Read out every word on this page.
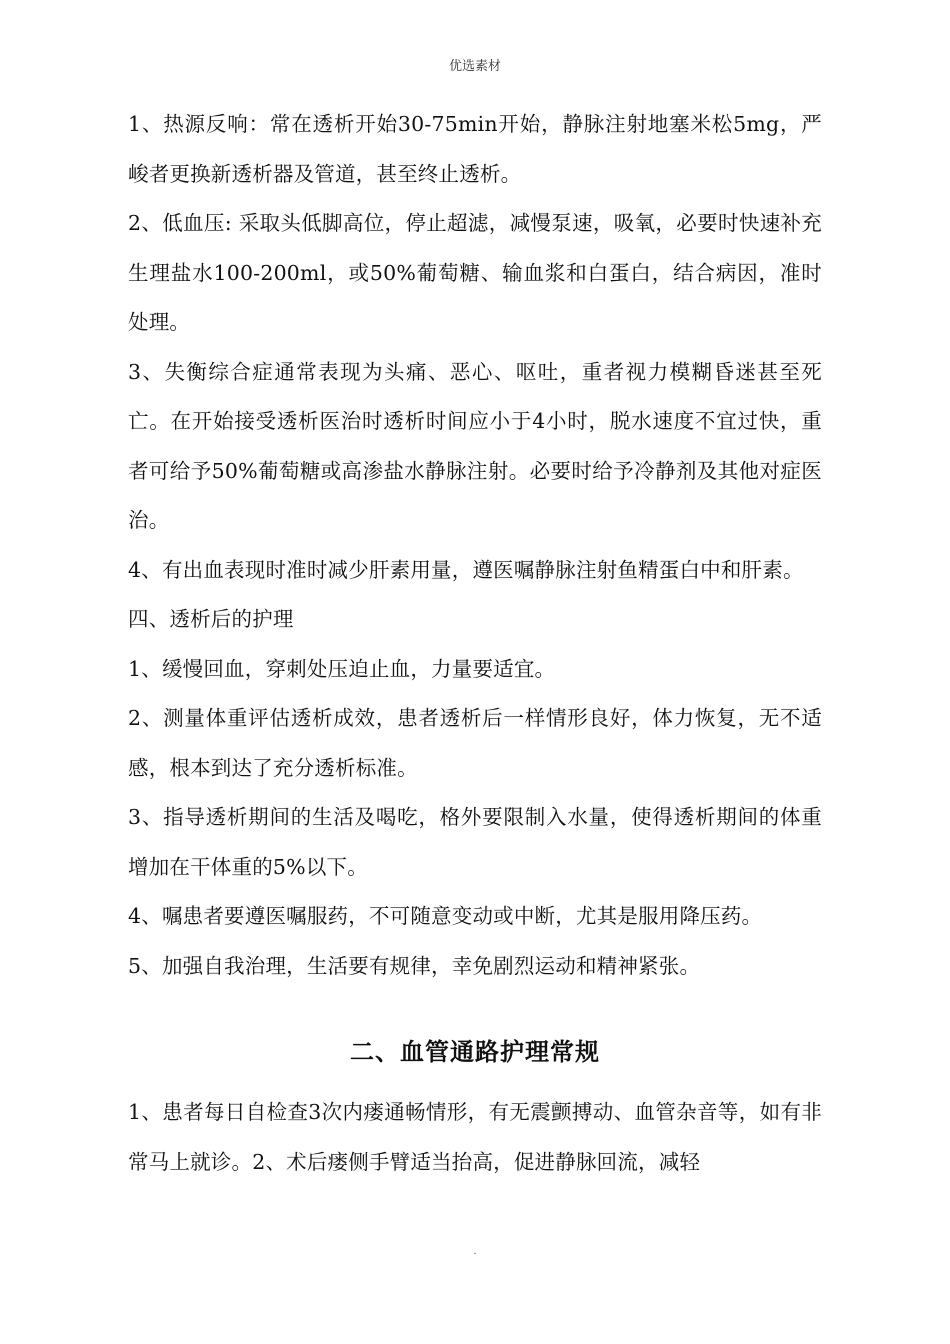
优选素材

1、热源反响：常在透析开始30-75min开始，静脉注射地塞米松5mg，严峻者更换新透析器及管道，甚至终止透析。

2、低血压: 采取头低脚高位，停止超滤，减慢泵速，吸氧，必要时快速补充生理盐水100-200ml，或50%葡萄糖、输血浆和白蛋白，结合病因，准时处理。

3、失衡综合症通常表现为头痛、恶心、呕吐，重者视力模糊昏迷甚至死亡。在开始接受透析医治时透析时间应小于4小时，脱水速度不宜过快，重者可给予50%葡萄糖或高渗盐水静脉注射。必要时给予冷静剂及其他对症医治。

4、有出血表现时准时减少肝素用量，遵医嘱静脉注射鱼精蛋白中和肝素。

四、透析后的护理

1、缓慢回血，穿刺处压迫止血，力量要适宜。

2、测量体重评估透析成效，患者透析后一样情形良好，体力恢复，无不适感，根本到达了充分透析标准。

3、指导透析期间的生活及喝吃，格外要限制入水量，使得透析期间的体重增加在干体重的5%以下。

4、嘱患者要遵医嘱服药，不可随意变动或中断，尤其是服用降压药。

5、加强自我治理，生活要有规律，幸免剧烈运动和精神紧张。

二、血管通路护理常规

1、患者每日自检查3次内瘘通畅情形，有无震颤搏动、血管杂音等，如有非常马上就诊。2、术后瘘侧手臂适当抬高，促进静脉回流，减轻

.
